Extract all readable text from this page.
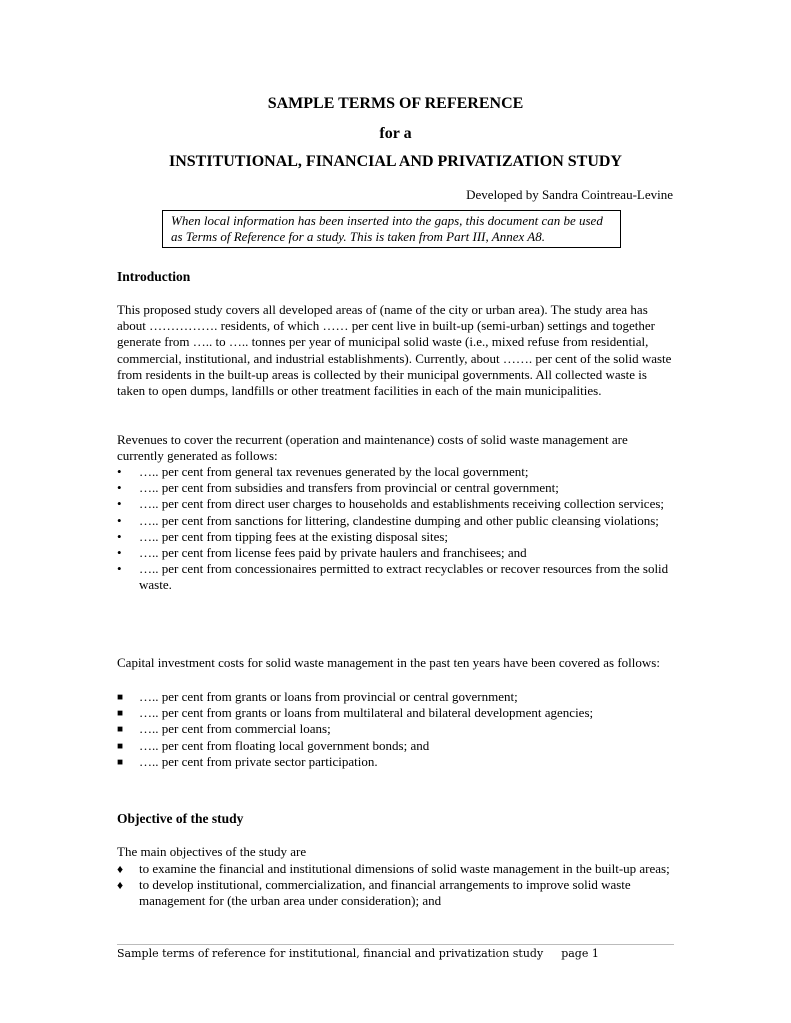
SAMPLE TERMS OF REFERENCE
for a
INSTITUTIONAL, FINANCIAL AND PRIVATIZATION STUDY
Developed by Sandra Cointreau-Levine
When local information has been inserted into the gaps, this document can be used as Terms of Reference for a study. This is taken from Part III, Annex A8.
Introduction

This proposed study covers all developed areas of (name of the city or urban area). The study area has about ……………. residents, of which …… per cent live in built-up (semi-urban) settings and together generate from ….. to ….. tonnes per year of municipal solid waste (i.e., mixed refuse from residential, commercial, institutional, and industrial establishments). Currently, about ……. per cent of the solid waste from residents in the built-up areas is collected by their municipal governments. All collected waste is taken to open dumps, landfills or other treatment facilities in each of the main municipalities.

Revenues to cover the recurrent (operation and maintenance) costs of solid waste management are currently generated as follows:

•	….. per cent from general tax revenues generated by the local government;
•	….. per cent from subsidies and transfers from provincial or central government;
•	….. per cent from direct user charges to households and establishments receiving collection services;
•	….. per cent from sanctions for littering, clandestine dumping and other public cleansing violations;
•	….. per cent from tipping fees at the existing disposal sites;
•	….. per cent from license fees paid by private haulers and franchisees; and
•	….. per cent from concessionaires permitted to extract recyclables or recover resources from the solid waste.

Capital investment costs for solid waste management in the past ten years have been covered as follows:

■	….. per cent from grants or loans from provincial or central government;
■	….. per cent from grants or loans from multilateral and bilateral development agencies;
■	….. per cent from commercial loans;
■	….. per cent from floating local government bonds; and
■	….. per cent from private sector participation.
Objective of the study

The main objectives of the study are

♦	to examine the financial and institutional dimensions of solid waste management in the built-up areas;
♦	to develop institutional, commercialization, and financial arrangements to improve solid waste management for (the urban area under consideration); and
Sample terms of reference for institutional, financial and privatization study page 1
